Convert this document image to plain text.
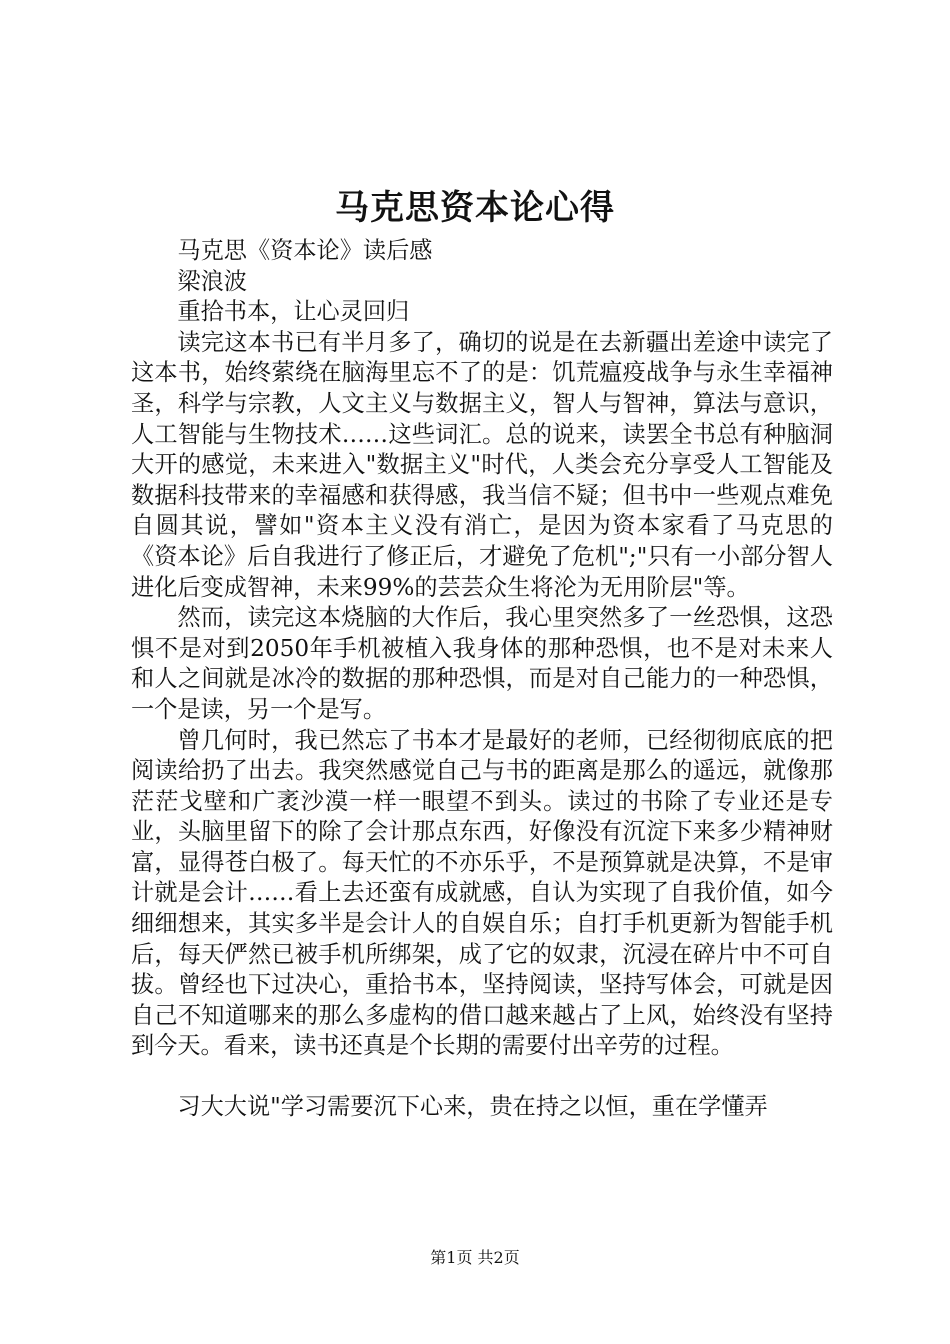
马克思资本论心得

马克思《资本论》读后感

梁浪波

重拾书本，让心灵回归

读完这本书已有半月多了，确切的说是在去新疆出差途中读完了这本书，始终萦绕在脑海里忘不了的是：饥荒瘟疫战争与永生幸福神圣，科学与宗教，人文主义与数据主义，智人与智神，算法与意识，人工智能与生物技术……这些词汇。总的说来，读罢全书总有种脑洞大开的感觉，未来进入"数据主义"时代，人类会充分享受人工智能及数据科技带来的幸福感和获得感，我当信不疑；但书中一些观点难免自圆其说，譬如"资本主义没有消亡，是因为资本家看了马克思的《资本论》后自我进行了修正后，才避免了危机";"只有一小部分智人进化后变成智神，未来99%的芸芸众生将沦为无用阶层"等。

然而，读完这本烧脑的大作后，我心里突然多了一丝恐惧，这恐惧不是对到2050年手机被植入我身体的那种恐惧，也不是对未来人和人之间就是冰冷的数据的那种恐惧，而是对自己能力的一种恐惧，一个是读，另一个是写。

曾几何时，我已然忘了书本才是最好的老师，已经彻彻底底的把阅读给扔了出去。我突然感觉自己与书的距离是那么的遥远，就像那茫茫戈壁和广袤沙漠一样一眼望不到头。读过的书除了专业还是专业，头脑里留下的除了会计那点东西，好像没有沉淀下来多少精神财富，显得苍白极了。每天忙的不亦乐乎，不是预算就是决算，不是审计就是会计……看上去还蛮有成就感，自认为实现了自我价值，如今细细想来，其实多半是会计人的自娱自乐；自打手机更新为智能手机后，每天俨然已被手机所绑架，成了它的奴隶，沉浸在碎片中不可自拔。曾经也下过决心，重拾书本，坚持阅读，坚持写体会，可就是因自己不知道哪来的那么多虚构的借口越来越占了上风，始终没有坚持到今天。看来，读书还真是个长期的需要付出辛劳的过程。

习大大说"学习需要沉下心来，贵在持之以恒，重在学懂弄

第1页 共2页
